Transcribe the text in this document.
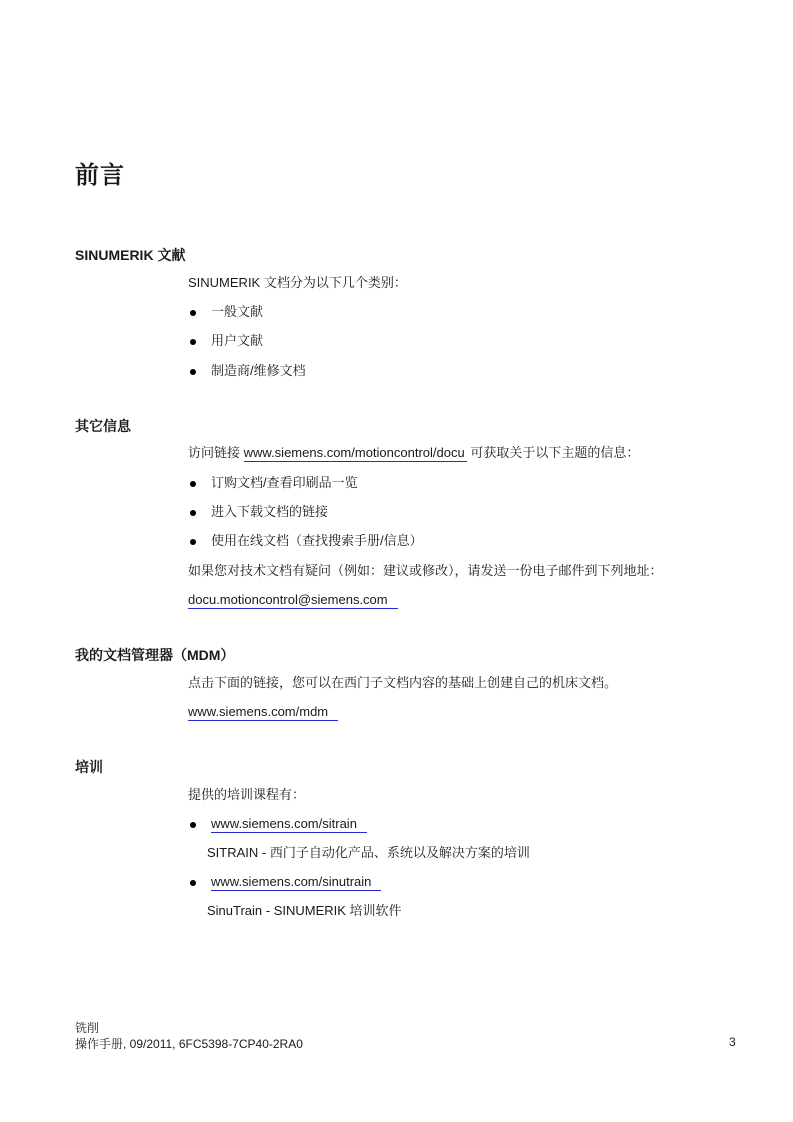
前言
SINUMERIK 文献
SINUMERIK 文档分为以下几个类别：
一般文献
用户文献
制造商/维修文档
其它信息
访问链接 www.siemens.com/motioncontrol/docu 可获取关于以下主题的信息：
订购文档/查看印刷品一览
进入下载文档的链接
使用在线文档（查找搜索手册/信息）
如果您对技术文档有疑问（例如：建议或修改），请发送一份电子邮件到下列地址：
docu.motioncontrol@siemens.com
我的文档管理器（MDM）
点击下面的链接，您可以在西门子文档内容的基础上创建自己的机床文档。
www.siemens.com/mdm
培训
提供的培训课程有：
www.siemens.com/sitrain
SITRAIN - 西门子自动化产品、系统以及解决方案的培训
www.siemens.com/sinutrain
SinuTrain - SINUMERIK 培训软件
铣削
操作手册, 09/2011, 6FC5398-7CP40-2RA0	3
